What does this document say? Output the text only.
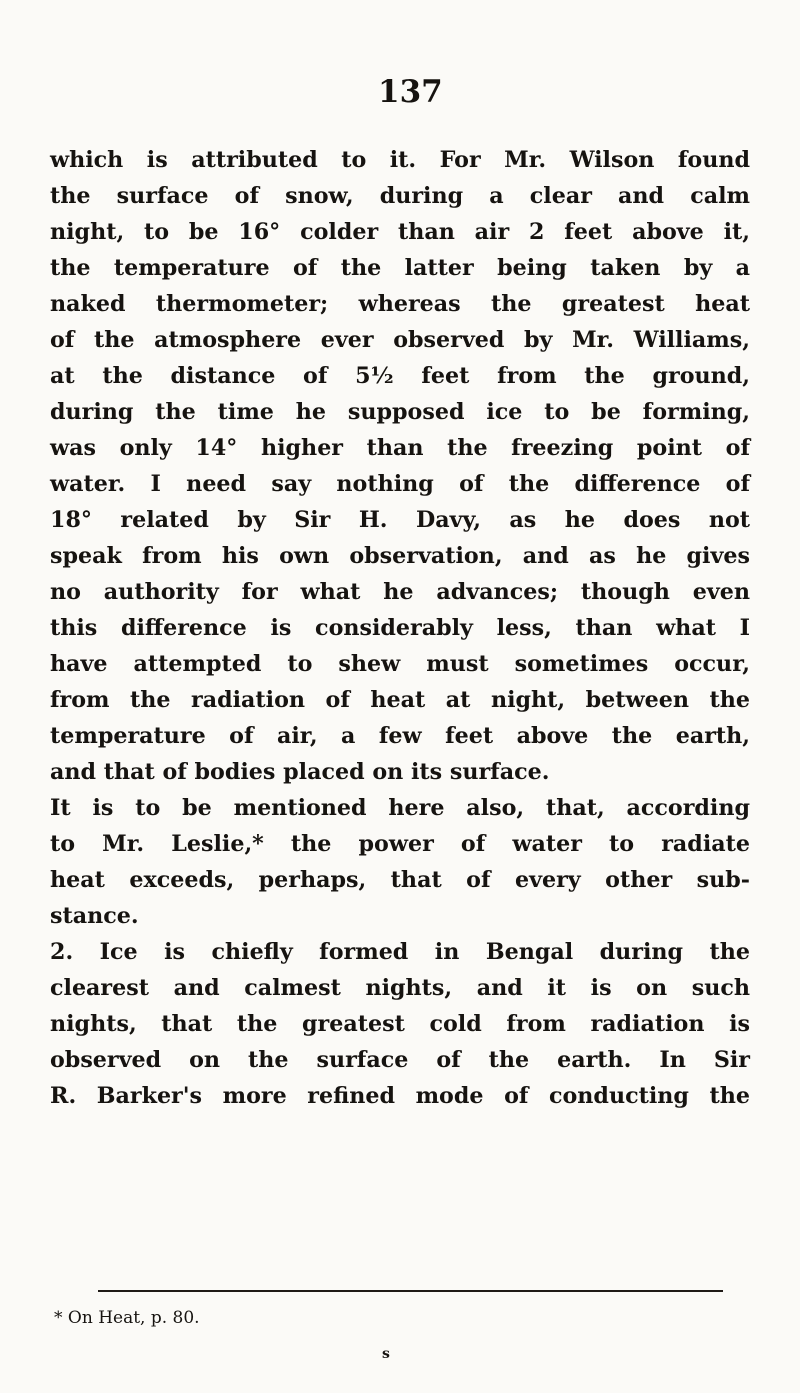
137
which is attributed to it. For Mr. Wilson found
the surface of snow, during a clear and calm
night, to be 16° colder than air 2 feet above it,
the temperature of the latter being taken by a
naked thermometer; whereas the greatest heat
of the atmosphere ever observed by Mr. Williams,
at the distance of 5½ feet from the ground,
during the time he supposed ice to be forming,
was only 14° higher than the freezing point of
water. I need say nothing of the difference of
18° related by Sir H. Davy, as he does not
speak from his own observation, and as he gives
no authority for what he advances; though even
this difference is considerably less, than what I
have attempted to shew must sometimes occur,
from the radiation of heat at night, between the
temperature of air, a few feet above the earth,
and that of bodies placed on its surface.
It is to be mentioned here also, that, according
to Mr. Leslie,* the power of water to radiate
heat exceeds, perhaps, that of every other sub-
stance.
2. Ice is chiefly formed in Bengal during the
clearest and calmest nights, and it is on such
nights, that the greatest cold from radiation is
observed on the surface of the earth. In Sir
R. Barker's more refined mode of conducting the
* On Heat, p. 80.
s
